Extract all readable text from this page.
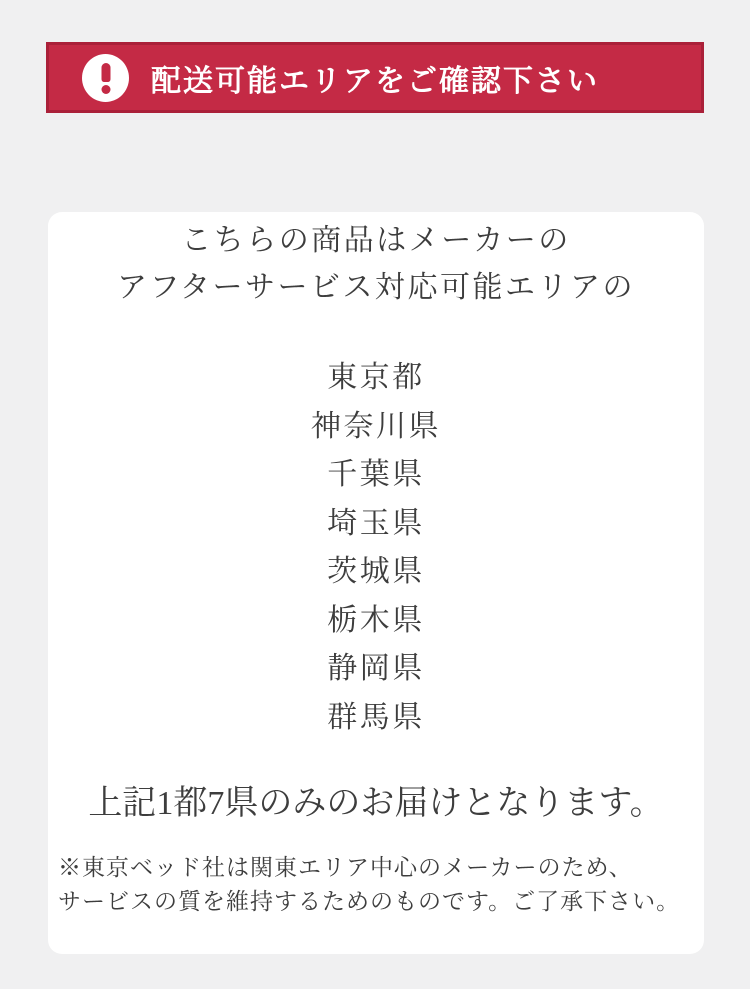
配送可能エリアをご確認下さい
こちらの商品はメーカーの
アフターサービス対応可能エリアの
東京都
神奈川県
千葉県
埼玉県
茨城県
栃木県
静岡県
群馬県
上記1都7県のみのお届けとなります。
※東京ベッド社は関東エリア中心のメーカーのため、
サービスの質を維持するためのものです。ご了承下さい。
